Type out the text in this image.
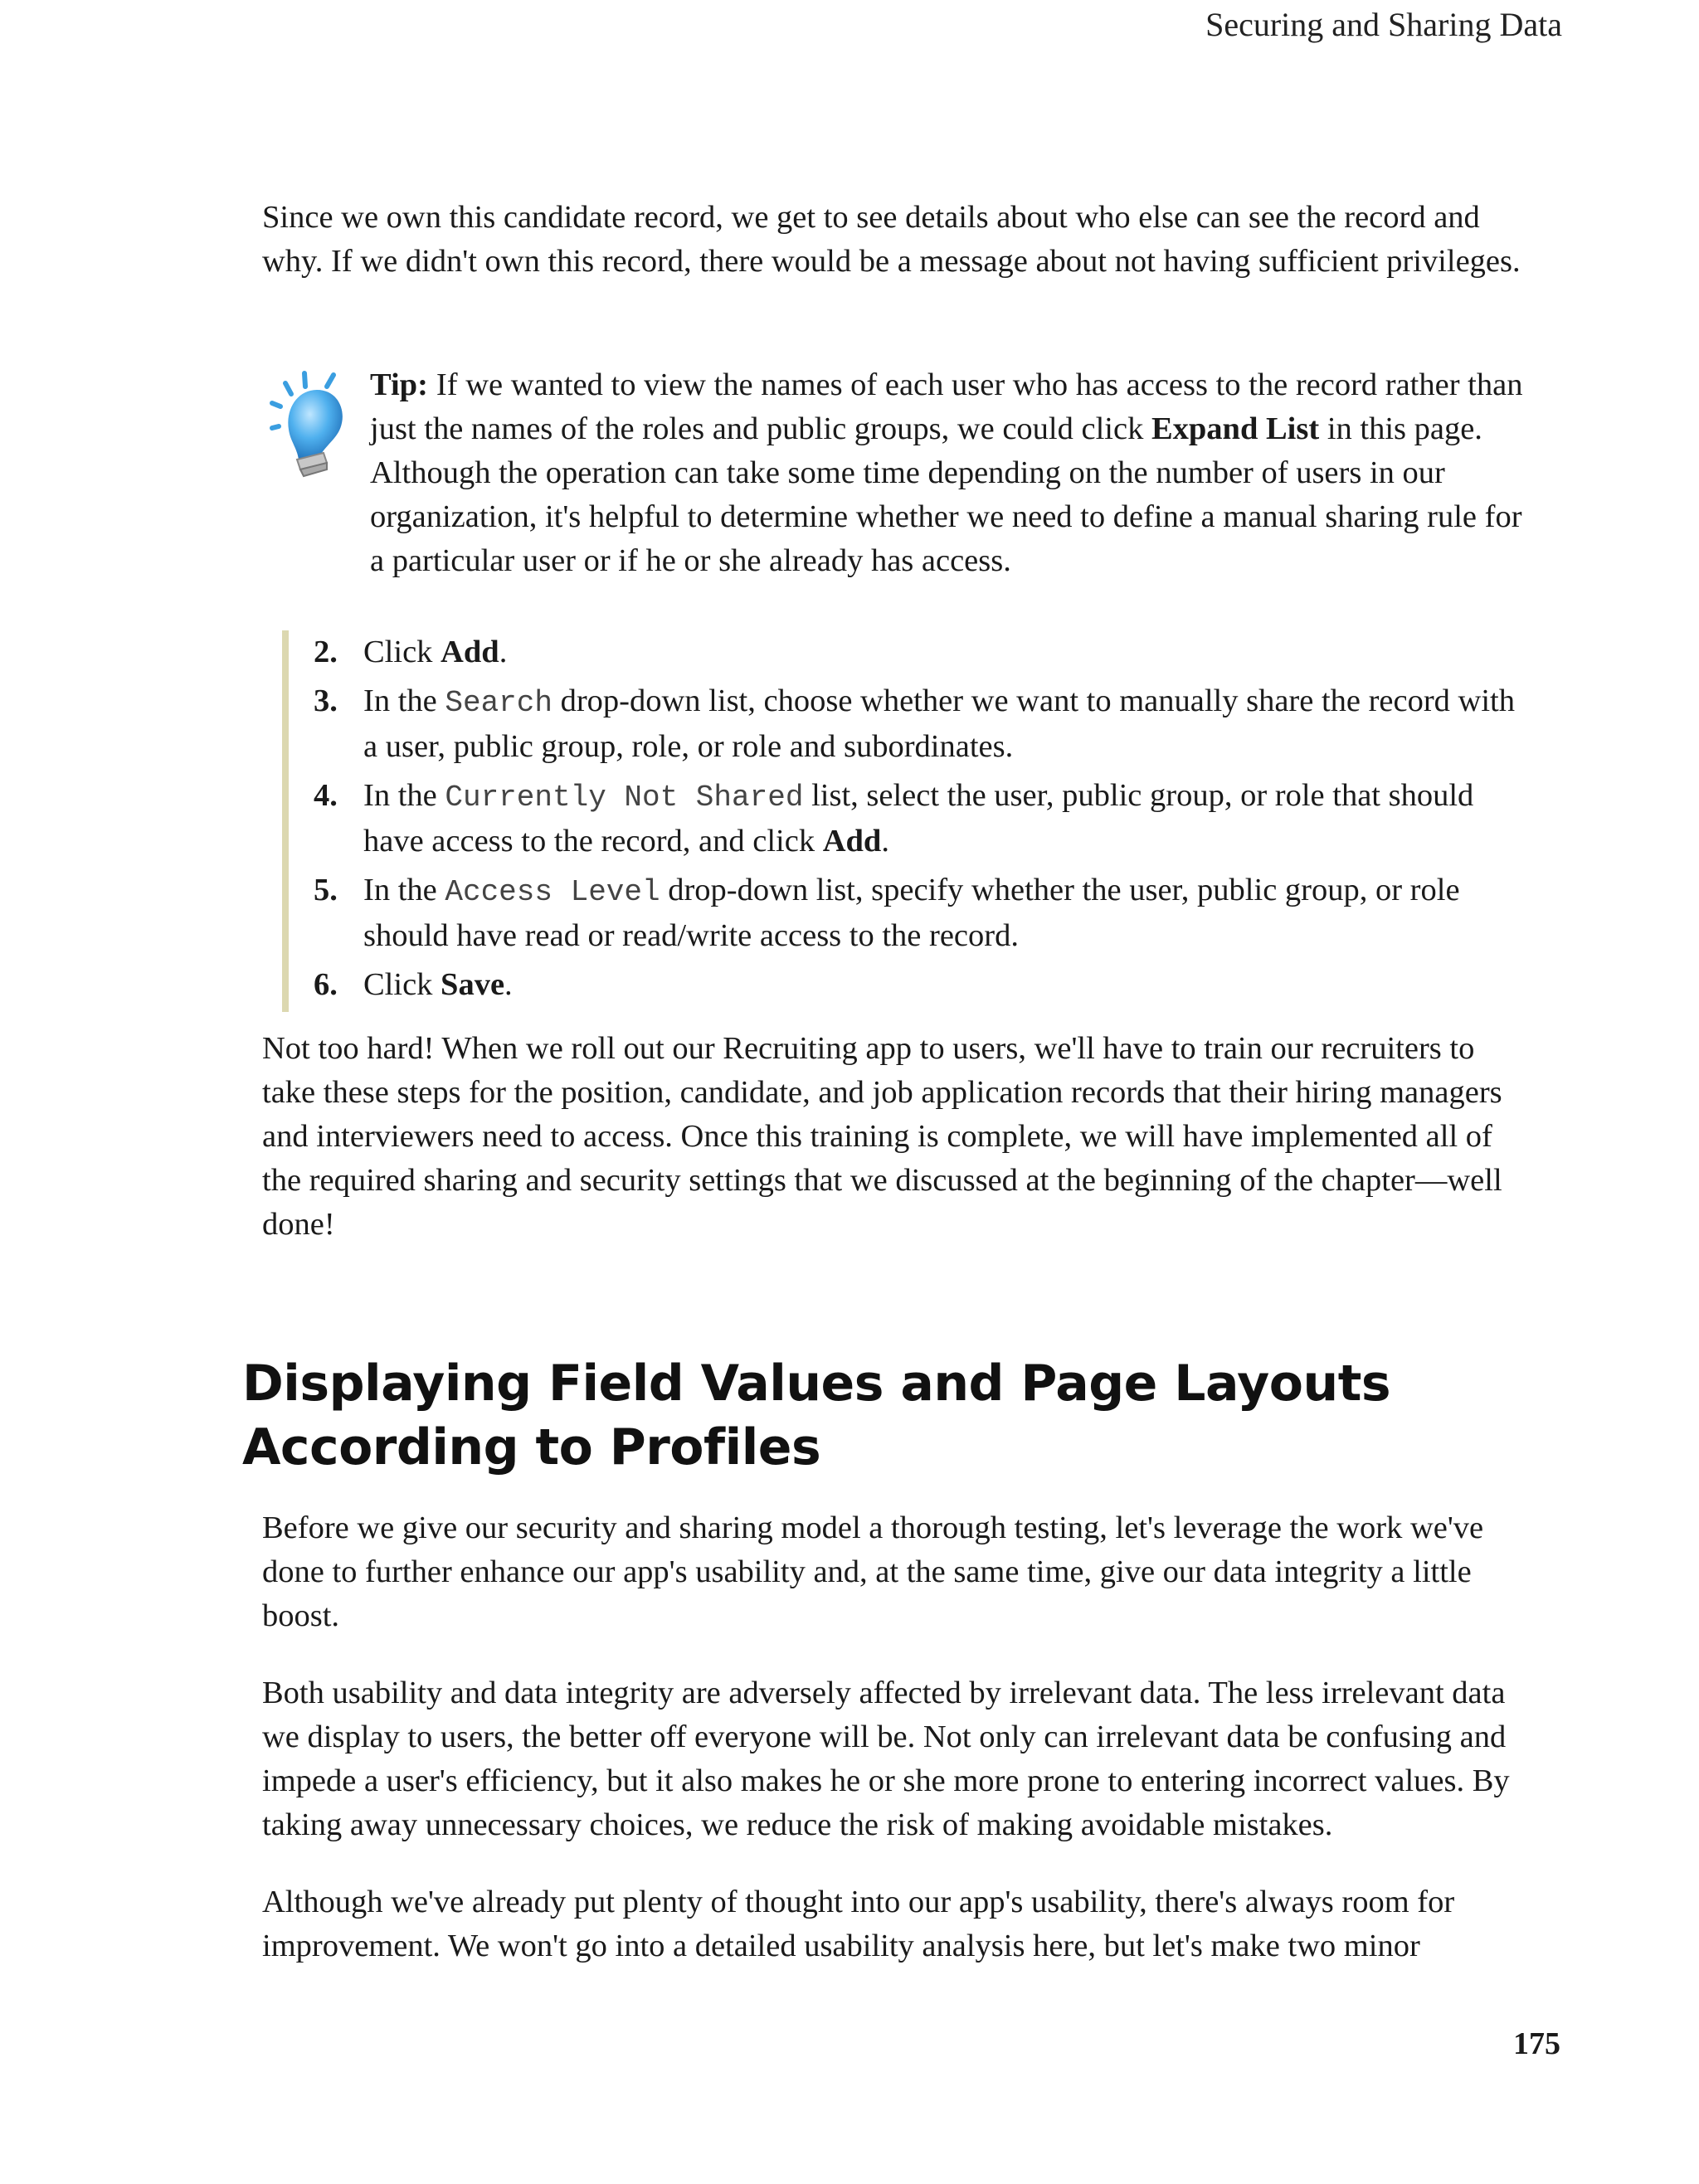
Securing and Sharing Data

Since we own this candidate record, we get to see details about who else can see the record and why. If we didn't own this record, there would be a message about not having sufficient privileges.

Tip: If we wanted to view the names of each user who has access to the record rather than just the names of the roles and public groups, we could click Expand List in this page. Although the operation can take some time depending on the number of users in our organization, it's helpful to determine whether we need to define a manual sharing rule for a particular user or if he or she already has access.

2. Click Add.
3. In the Search drop-down list, choose whether we want to manually share the record with a user, public group, role, or role and subordinates.
4. In the Currently Not Shared list, select the user, public group, or role that should have access to the record, and click Add.
5. In the Access Level drop-down list, specify whether the user, public group, or role should have read or read/write access to the record.
6. Click Save.

Not too hard! When we roll out our Recruiting app to users, we'll have to train our recruiters to take these steps for the position, candidate, and job application records that their hiring managers and interviewers need to access. Once this training is complete, we will have implemented all of the required sharing and security settings that we discussed at the beginning of the chapter—well done!

Displaying Field Values and Page Layouts According to Profiles

Before we give our security and sharing model a thorough testing, let's leverage the work we've done to further enhance our app's usability and, at the same time, give our data integrity a little boost.

Both usability and data integrity are adversely affected by irrelevant data. The less irrelevant data we display to users, the better off everyone will be. Not only can irrelevant data be confusing and impede a user's efficiency, but it also makes he or she more prone to entering incorrect values. By taking away unnecessary choices, we reduce the risk of making avoidable mistakes.

Although we've already put plenty of thought into our app's usability, there's always room for improvement. We won't go into a detailed usability analysis here, but let's make two minor

175
